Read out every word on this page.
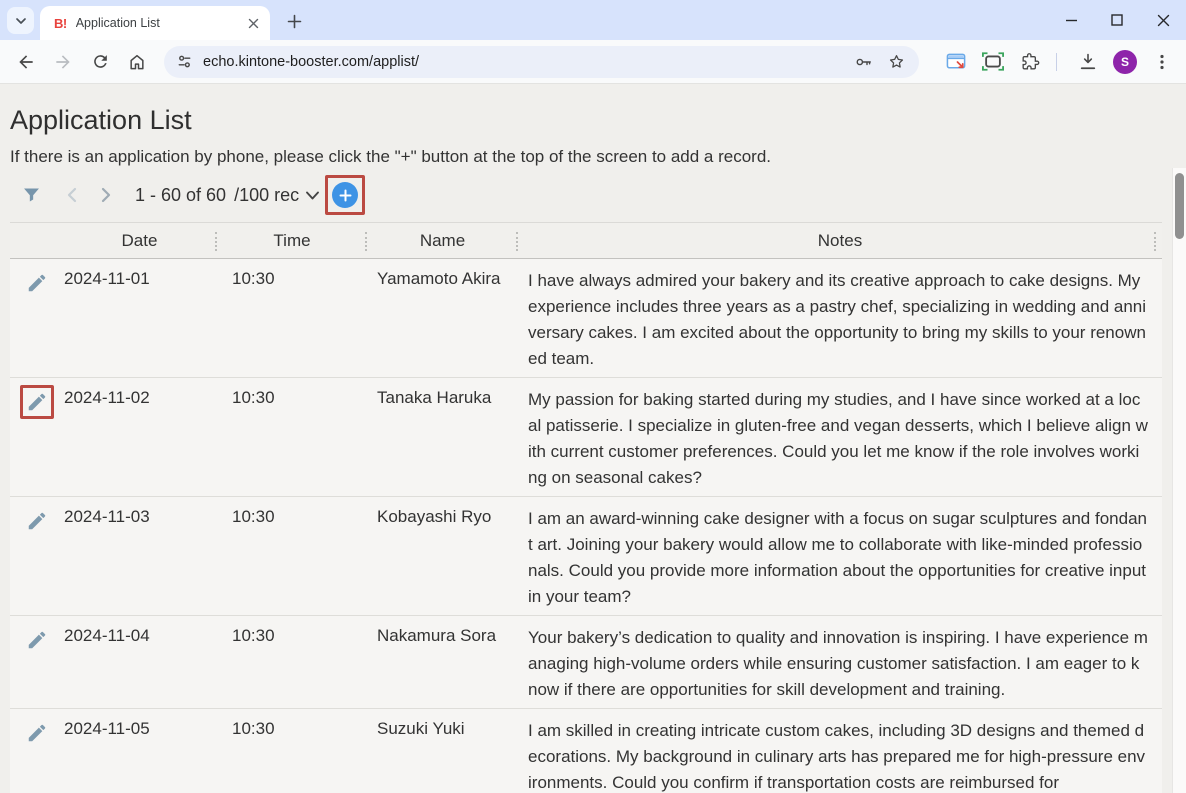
B! Application List
echo.kintone-booster.com/applist/	S
Application List
If there is an application by phone, please click the "+" button at the top of the screen to add a record.
1 - 60 of 60 /100 rec
Date	Time	Name	Notes
2024-11-01	10:30	Yamamoto Akira	I have always admired your bakery and its creative approach to cake designs. My experience includes three years as a pastry chef, specializing in wedding and anniversary cakes. I am excited about the opportunity to bring my skills to your renowned team.
2024-11-02	10:30	Tanaka Haruka	My passion for baking started during my studies, and I have since worked at a local patisserie. I specialize in gluten-free and vegan desserts, which I believe align with current customer preferences. Could you let me know if the role involves working on seasonal cakes?
2024-11-03	10:30	Kobayashi Ryo	I am an award-winning cake designer with a focus on sugar sculptures and fondant art. Joining your bakery would allow me to collaborate with like-minded professionals. Could you provide more information about the opportunities for creative input in your team?
2024-11-04	10:30	Nakamura Sora	Your bakery’s dedication to quality and innovation is inspiring. I have experience managing high-volume orders while ensuring customer satisfaction. I am eager to know if there are opportunities for skill development and training.
2024-11-05	10:30	Suzuki Yuki	I am skilled in creating intricate custom cakes, including 3D designs and themed decorations. My background in culinary arts has prepared me for high-pressure environments. Could you confirm if transportation costs are reimbursed for
